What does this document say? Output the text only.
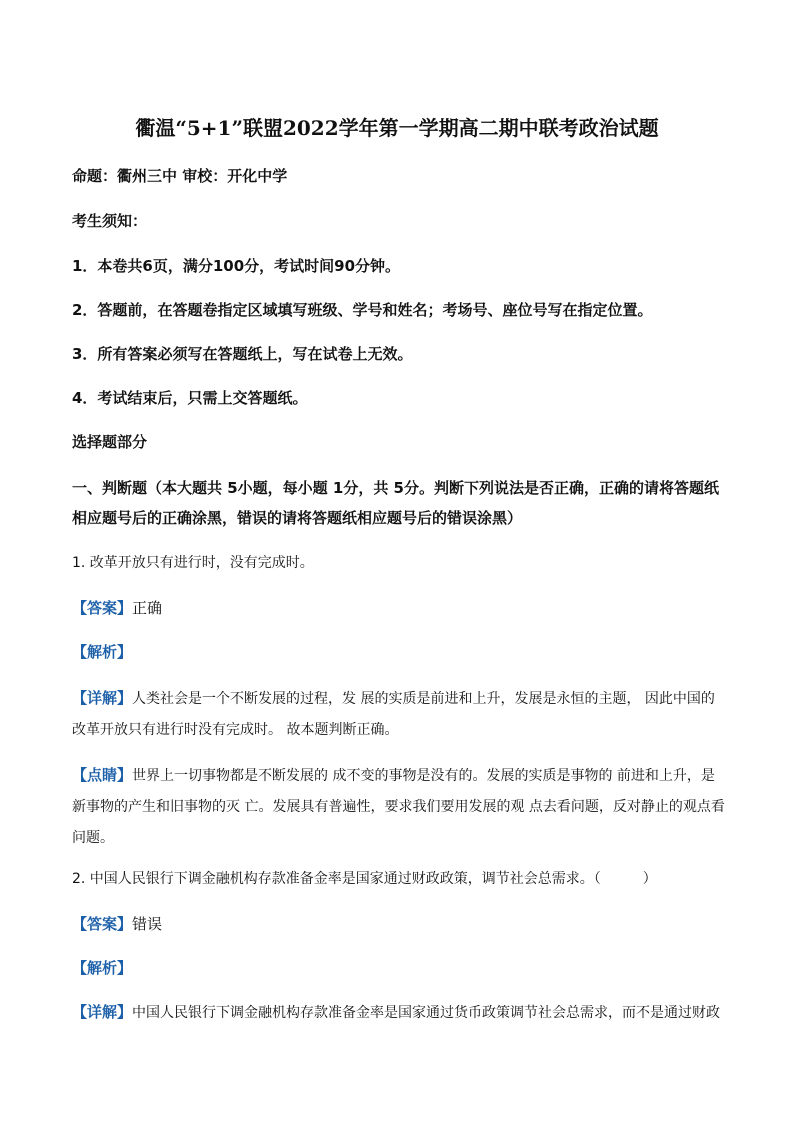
衢温“5+1”联盟2022学年第一学期高二期中联考政治试题
命题：衢州三中 审校：开化中学
考生须知：
1．本卷共6页，满分100分，考试时间90分钟。
2．答题前，在答题卷指定区域填写班级、学号和姓名；考场号、座位号写在指定位置。
3．所有答案必须写在答题纸上，写在试卷上无效。
4．考试结束后，只需上交答题纸。
选择题部分
一、判断题（本大题共 5小题，每小题 1分，共 5分。判断下列说法是否正确，正确的请将答题纸相应题号后的正确涂黑，错误的请将答题纸相应题号后的错误涂黑）
1. 改革开放只有进行时，没有完成时。
【答案】正确
【解析】
【详解】人类社会是一个不断发展的过程，发 展的实质是前进和上升，发展是永恒的主题， 因此中国的改革开放只有进行时没有完成时。 故本题判断正确。
【点睛】世界上一切事物都是不断发展的 成不变的事物是没有的。发展的实质是事物的 前进和上升，是新事物的产生和旧事物的灭 亡。发展具有普遍性，要求我们要用发展的观 点去看问题，反对静止的观点看问题。
2. 中国人民银行下调金融机构存款准备金率是国家通过财政政策，调节社会总需求。（　　　）
【答案】错误
【解析】
【详解】中国人民银行下调金融机构存款准备金率是国家通过货币政策调节社会总需求，而不是通过财政
